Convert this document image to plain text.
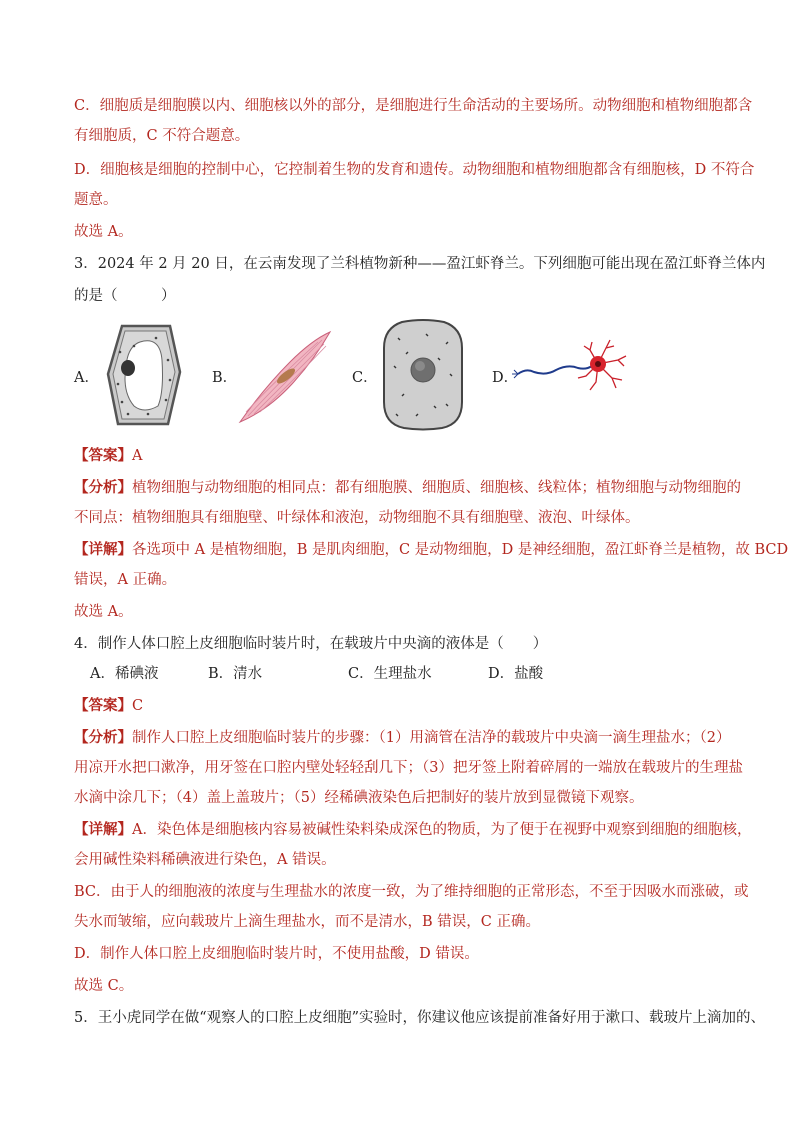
C．细胞质是细胞膜以内、细胞核以外的部分，是细胞进行生命活动的主要场所。动物细胞和植物细胞都含
有细胞质，C 不符合题意。
D．细胞核是细胞的控制中心，它控制着生物的发育和遗传。动物细胞和植物细胞都含有细胞核，D 不符合
题意。
故选 A。
3．2024 年 2 月 20 日，在云南发现了兰科植物新种——盈江虾脊兰。下列细胞可能出现在盈江虾脊兰体内
的是（　　　）
A．	B．	C．	D．
【答案】A
【分析】植物细胞与动物细胞的相同点：都有细胞膜、细胞质、细胞核、线粒体；植物细胞与动物细胞的
不同点：植物细胞具有细胞壁、叶绿体和液泡，动物细胞不具有细胞壁、液泡、叶绿体。
【详解】各选项中 A 是植物细胞，B 是肌肉细胞，C 是动物细胞，D 是神经细胞，盈江虾脊兰是植物，故 BCD
错误，A 正确。
故选 A。
4．制作人体口腔上皮细胞临时装片时，在载玻片中央滴的液体是（　　）
A．稀碘液	B．清水	C．生理盐水	D．盐酸
【答案】C
【分析】制作人口腔上皮细胞临时装片的步骤：（1）用滴管在洁净的载玻片中央滴一滴生理盐水；（2）
用凉开水把口漱净，用牙签在口腔内壁处轻轻刮几下；（3）把牙签上附着碎屑的一端放在载玻片的生理盐
水滴中涂几下；（4）盖上盖玻片；（5）经稀碘液染色后把制好的装片放到显微镜下观察。
【详解】A．染色体是细胞核内容易被碱性染料染成深色的物质，为了便于在视野中观察到细胞的细胞核，
会用碱性染料稀碘液进行染色，A 错误。
BC．由于人的细胞液的浓度与生理盐水的浓度一致，为了维持细胞的正常形态，不至于因吸水而涨破，或
失水而皱缩，应向载玻片上滴生理盐水，而不是清水，B 错误，C 正确。
D．制作人体口腔上皮细胞临时装片时，不使用盐酸，D 错误。
故选 C。
5．王小虎同学在做“观察人的口腔上皮细胞”实验时，你建议他应该提前准备好用于漱口、载玻片上滴加的、
